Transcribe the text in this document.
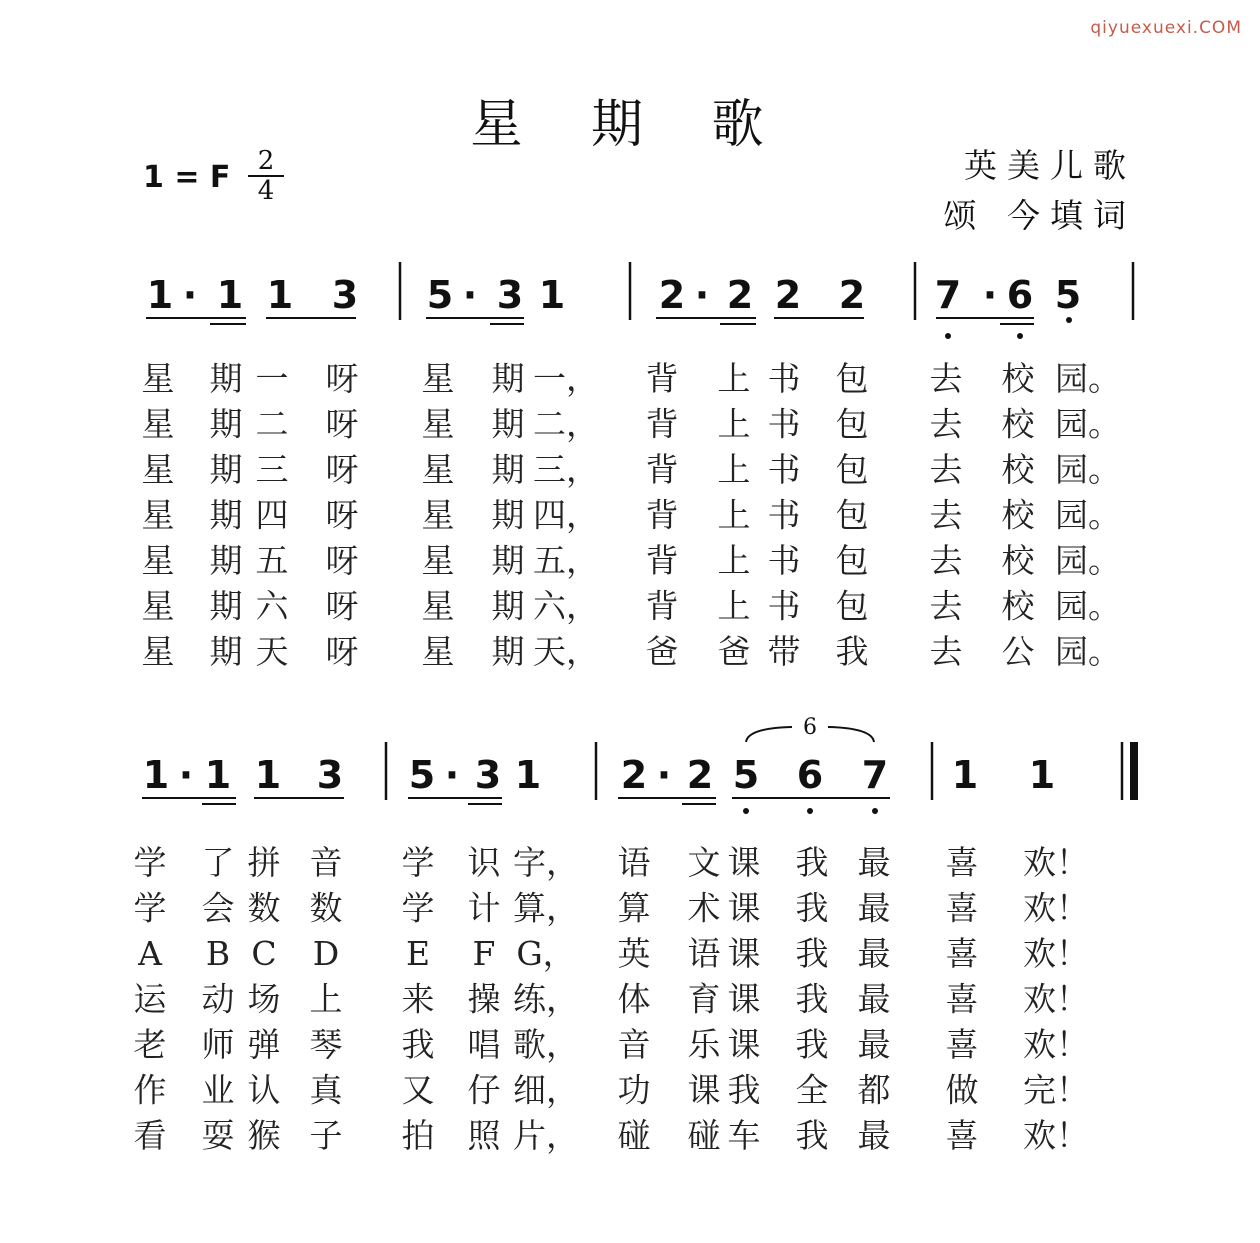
qiyuexuexi.COM
星 期 歌
1 = F	2
4
英美儿歌
颂 今填词
6
1 · 1 1 3 5 · 3 1 2 · 2 2 2 7 · 6 5
1 · 1 1 3 5 · 3 1 2 · 2 5 6 7 1 1
星 期 一 呀 星 期 一， 背 上 书 包 去 校 园。
星 期 二 呀 星 期 二， 背 上 书 包 去 校 园。
星 期 三 呀 星 期 三， 背 上 书 包 去 校 园。
星 期 四 呀 星 期 四， 背 上 书 包 去 校 园。
星 期 五 呀 星 期 五， 背 上 书 包 去 校 园。
星 期 六 呀 星 期 六， 背 上 书 包 去 校 园。
星 期 天 呀 星 期 天， 爸 爸 带 我 去 公 园。
学 了 拼 音 学 识 字， 语 文 课 我 最 喜 欢！
学 会 数 数 学 计 算， 算 术 课 我 最 喜 欢！
A B C D E F G， 英 语 课 我 最 喜 欢！
运 动 场 上 来 操 练， 体 育 课 我 最 喜 欢！
老 师 弹 琴 我 唱 歌， 音 乐 课 我 最 喜 欢！
作 业 认 真 又 仔 细， 功 课 我 全 都 做 完！
看 耍 猴 子 拍 照 片， 碰 碰 车 我 最 喜 欢！
